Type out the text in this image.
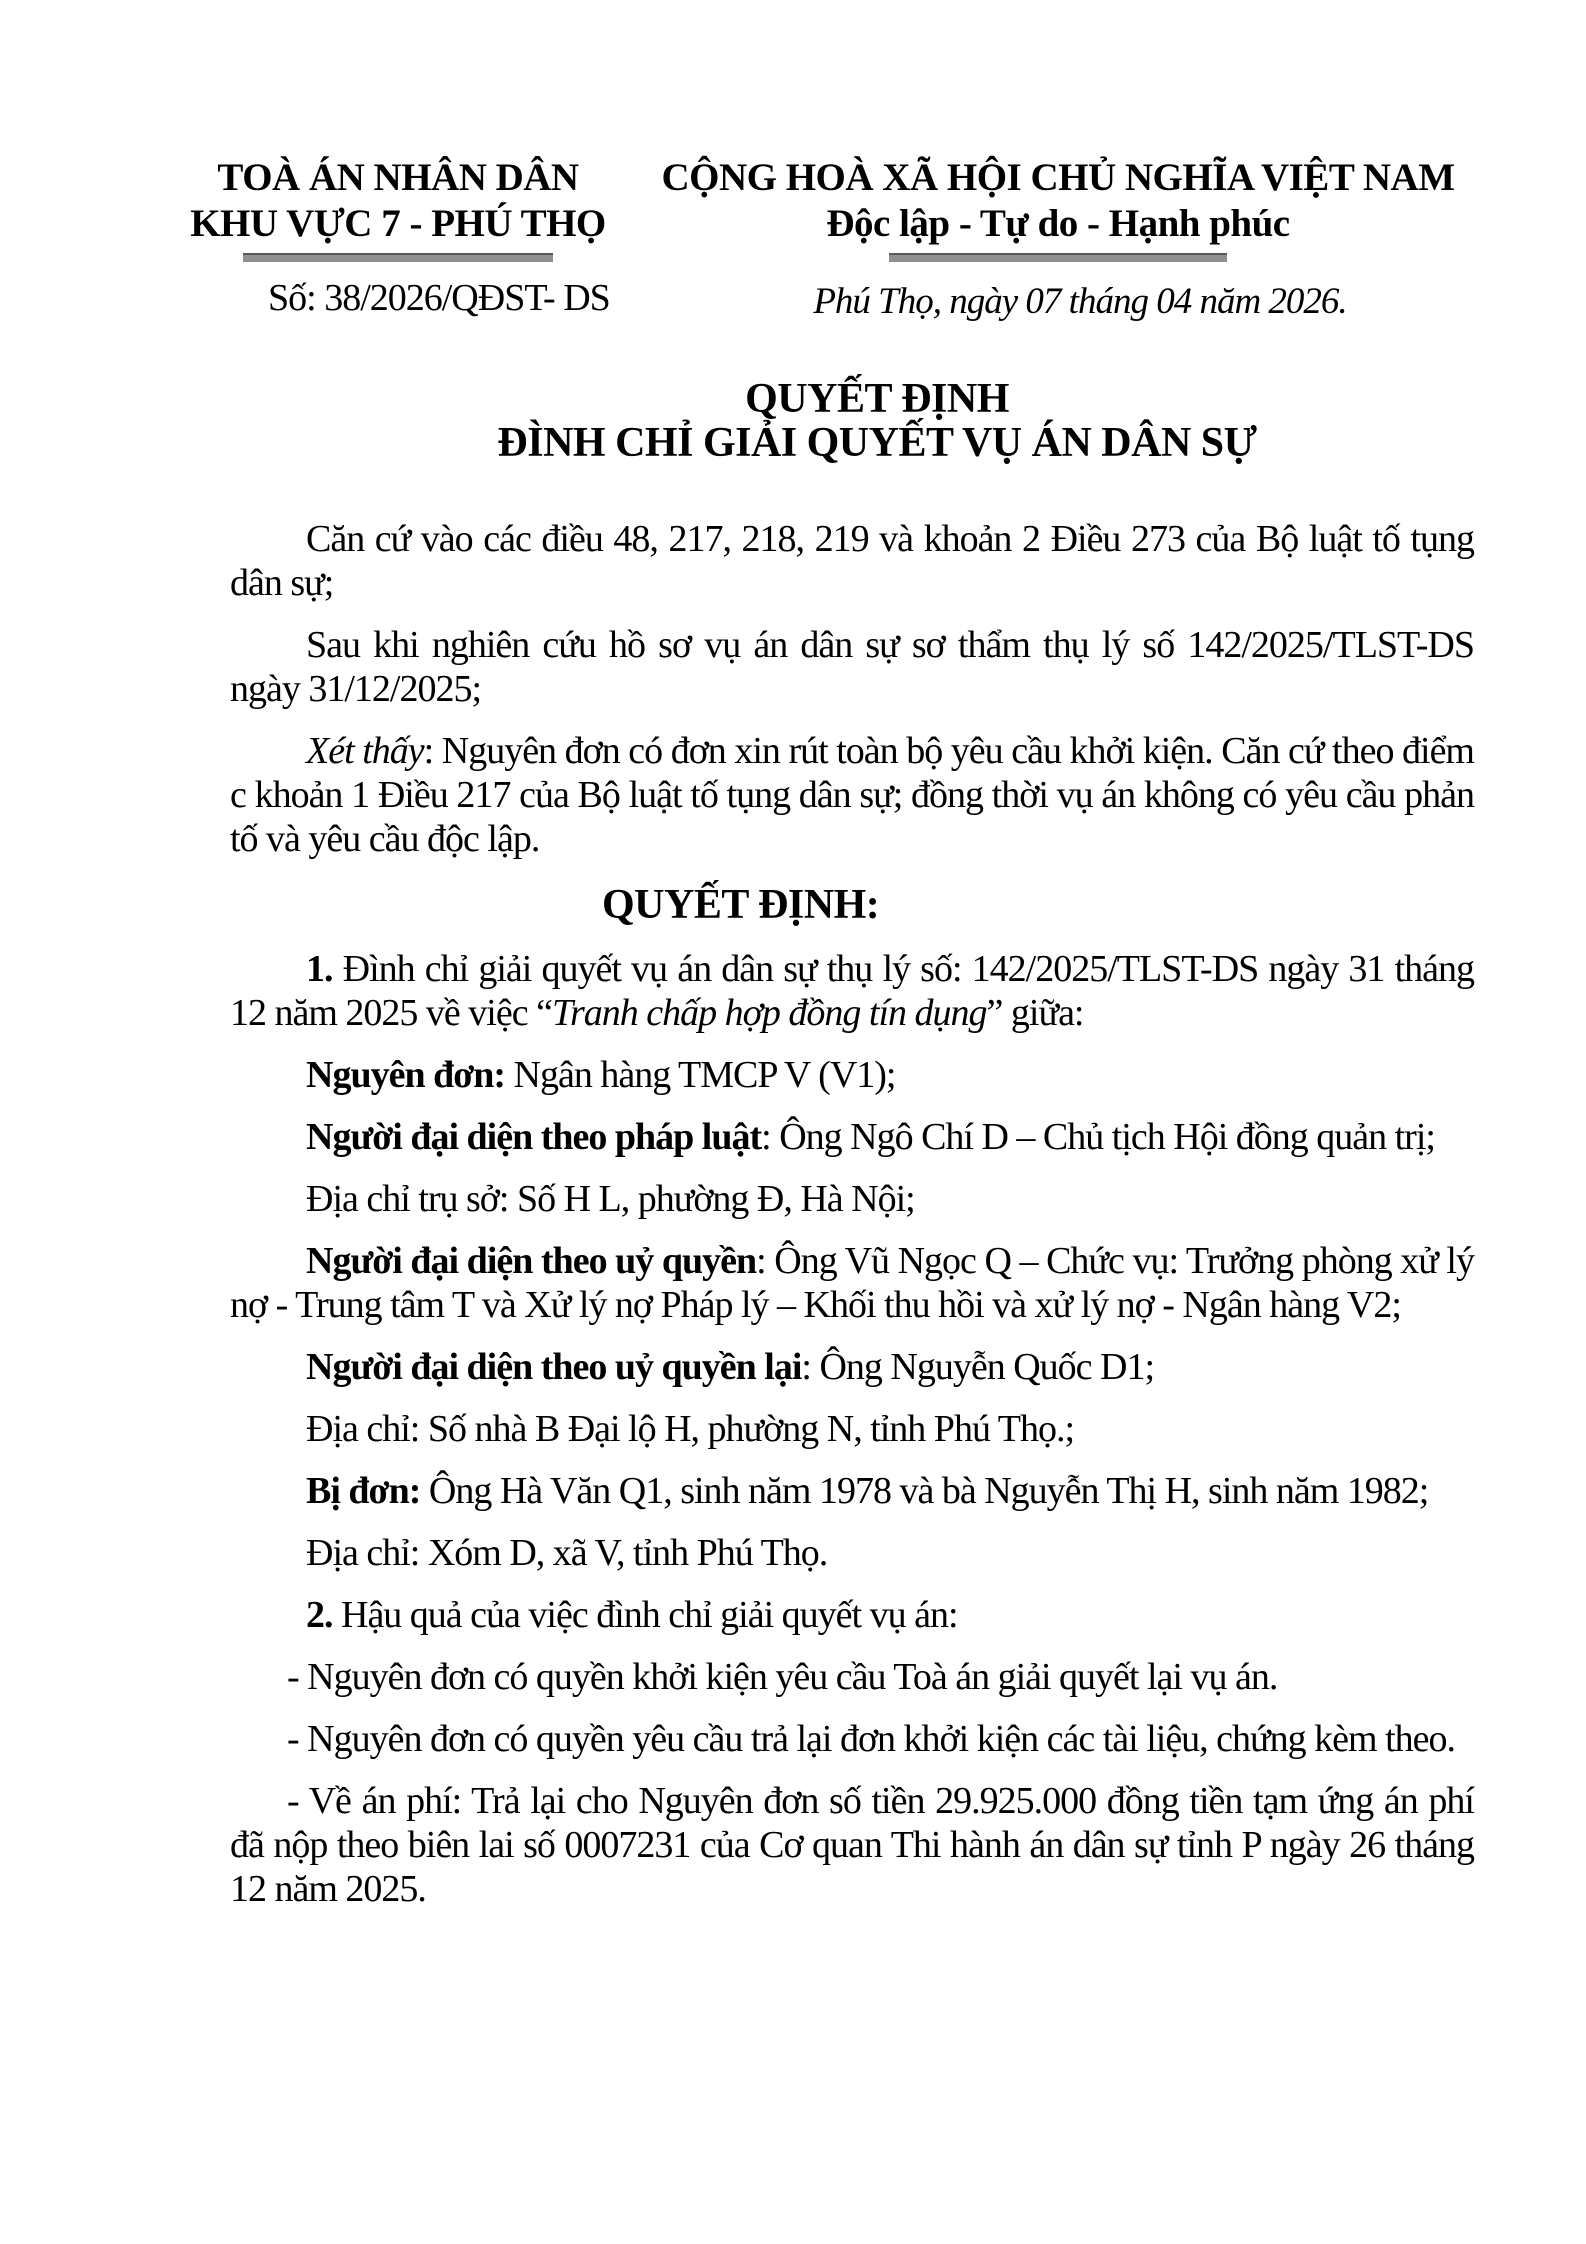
TOÀ ÁN NHÂN DÂN
KHU VỰC 7 - PHÚ THỌ
CỘNG HOÀ XÃ HỘI CHỦ NGHĨA VIỆT NAM
Độc lập - Tự do - Hạnh phúc
Số: 38/2026/QĐST- DS	Phú Thọ, ngày 07 tháng 04 năm 2026.
QUYẾT ĐỊNH
ĐÌNH CHỈ GIẢI QUYẾT VỤ ÁN DÂN SỰ

Căn cứ vào các điều 48, 217, 218, 219 và khoản 2 Điều 273 của Bộ luật tố tụng dân sự;

Sau khi nghiên cứu hồ sơ vụ án dân sự sơ thẩm thụ lý số 142/2025/TLST-DS ngày 31/12/2025;

Xét thấy: Nguyên đơn có đơn xin rút toàn bộ yêu cầu khởi kiện. Căn cứ theo điểm c khoản 1 Điều 217 của Bộ luật tố tụng dân sự; đồng thời vụ án không có yêu cầu phản tố và yêu cầu độc lập.

QUYẾT ĐỊNH:

1. Đình chỉ giải quyết vụ án dân sự thụ lý số: 142/2025/TLST-DS ngày 31 tháng 12 năm 2025 về việc “Tranh chấp hợp đồng tín dụng” giữa:

Nguyên đơn: Ngân hàng TMCP V (V1);

Người đại diện theo pháp luật: Ông Ngô Chí D – Chủ tịch Hội đồng quản trị;

Địa chỉ trụ sở: Số H L, phường Đ, Hà Nội;

Người đại diện theo uỷ quyền: Ông Vũ Ngọc Q – Chức vụ: Trưởng phòng xử lý nợ - Trung tâm T và Xử lý nợ Pháp lý – Khối thu hồi và xử lý nợ - Ngân hàng V2;

Người đại diện theo uỷ quyền lại: Ông Nguyễn Quốc D1;

Địa chỉ: Số nhà B Đại lộ H, phường N, tỉnh Phú Thọ.;

Bị đơn: Ông Hà Văn Q1, sinh năm 1978 và bà Nguyễn Thị H, sinh năm 1982;

Địa chỉ: Xóm D, xã V, tỉnh Phú Thọ.

2. Hậu quả của việc đình chỉ giải quyết vụ án:

- Nguyên đơn có quyền khởi kiện yêu cầu Toà án giải quyết lại vụ án.

- Nguyên đơn có quyền yêu cầu trả lại đơn khởi kiện các tài liệu, chứng kèm theo.

- Về án phí: Trả lại cho Nguyên đơn số tiền 29.925.000 đồng tiền tạm ứng án phí đã nộp theo biên lai số 0007231 của Cơ quan Thi hành án dân sự tỉnh P ngày 26 tháng 12 năm 2025.
